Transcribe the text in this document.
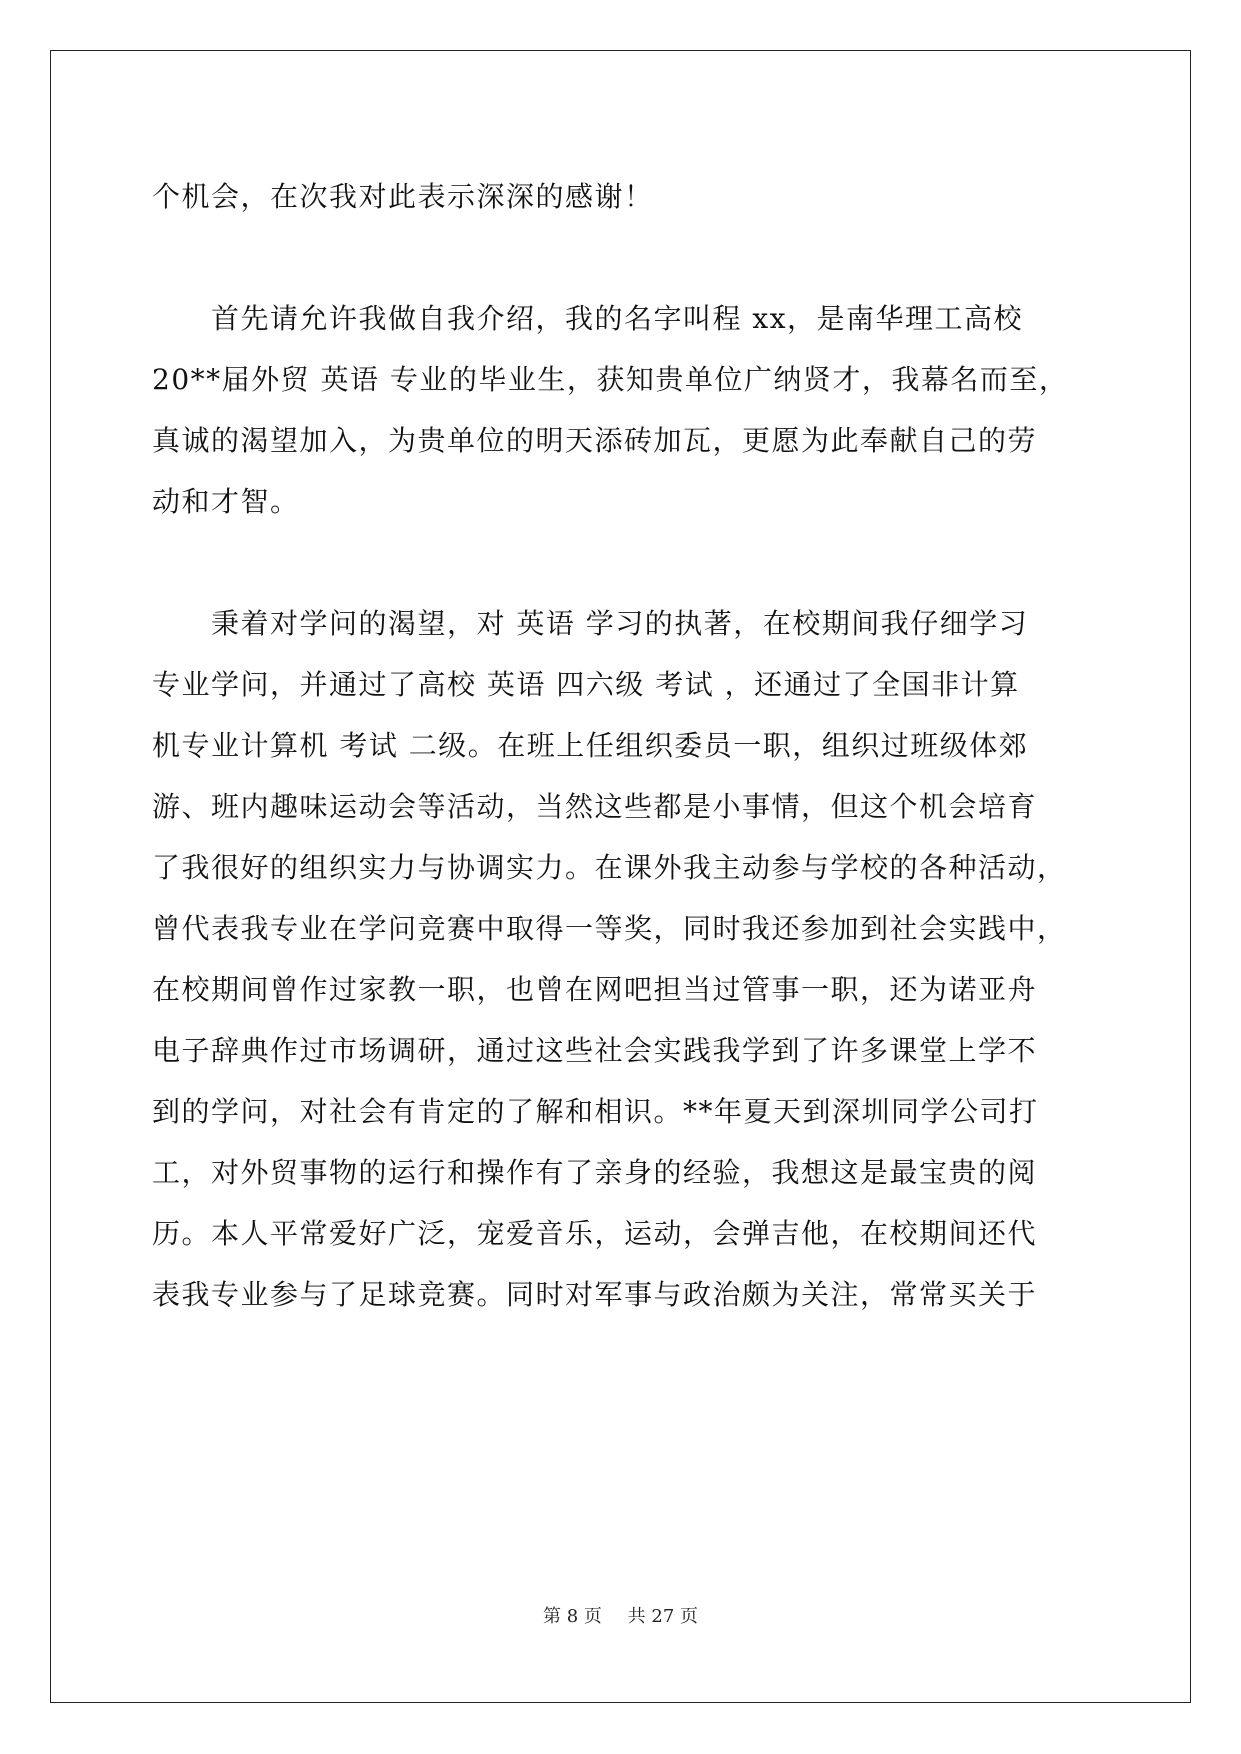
个机会，在次我对此表示深深的感谢！
　　首先请允许我做自我介绍，我的名字叫程 xx，是南华理工高校
20**届外贸 英语 专业的毕业生，获知贵单位广纳贤才，我幕名而至，
真诚的渴望加入，为贵单位的明天添砖加瓦，更愿为此奉献自己的劳
动和才智。
　　秉着对学问的渴望，对 英语 学习的执著，在校期间我仔细学习
专业学问，并通过了高校 英语 四六级 考试 ，还通过了全国非计算
机专业计算机 考试 二级。在班上任组织委员一职，组织过班级体郊
游、班内趣味运动会等活动，当然这些都是小事情，但这个机会培育
了我很好的组织实力与协调实力。在课外我主动参与学校的各种活动，
曾代表我专业在学问竞赛中取得一等奖，同时我还参加到社会实践中，
在校期间曾作过家教一职，也曾在网吧担当过管事一职，还为诺亚舟
电子辞典作过市场调研，通过这些社会实践我学到了许多课堂上学不
到的学问，对社会有肯定的了解和相识。**年夏天到深圳同学公司打
工，对外贸事物的运行和操作有了亲身的经验，我想这是最宝贵的阅
历。本人平常爱好广泛，宠爱音乐，运动，会弹吉他，在校期间还代
表我专业参与了足球竞赛。同时对军事与政治颇为关注，常常买关于
第 8 页 共 27 页
